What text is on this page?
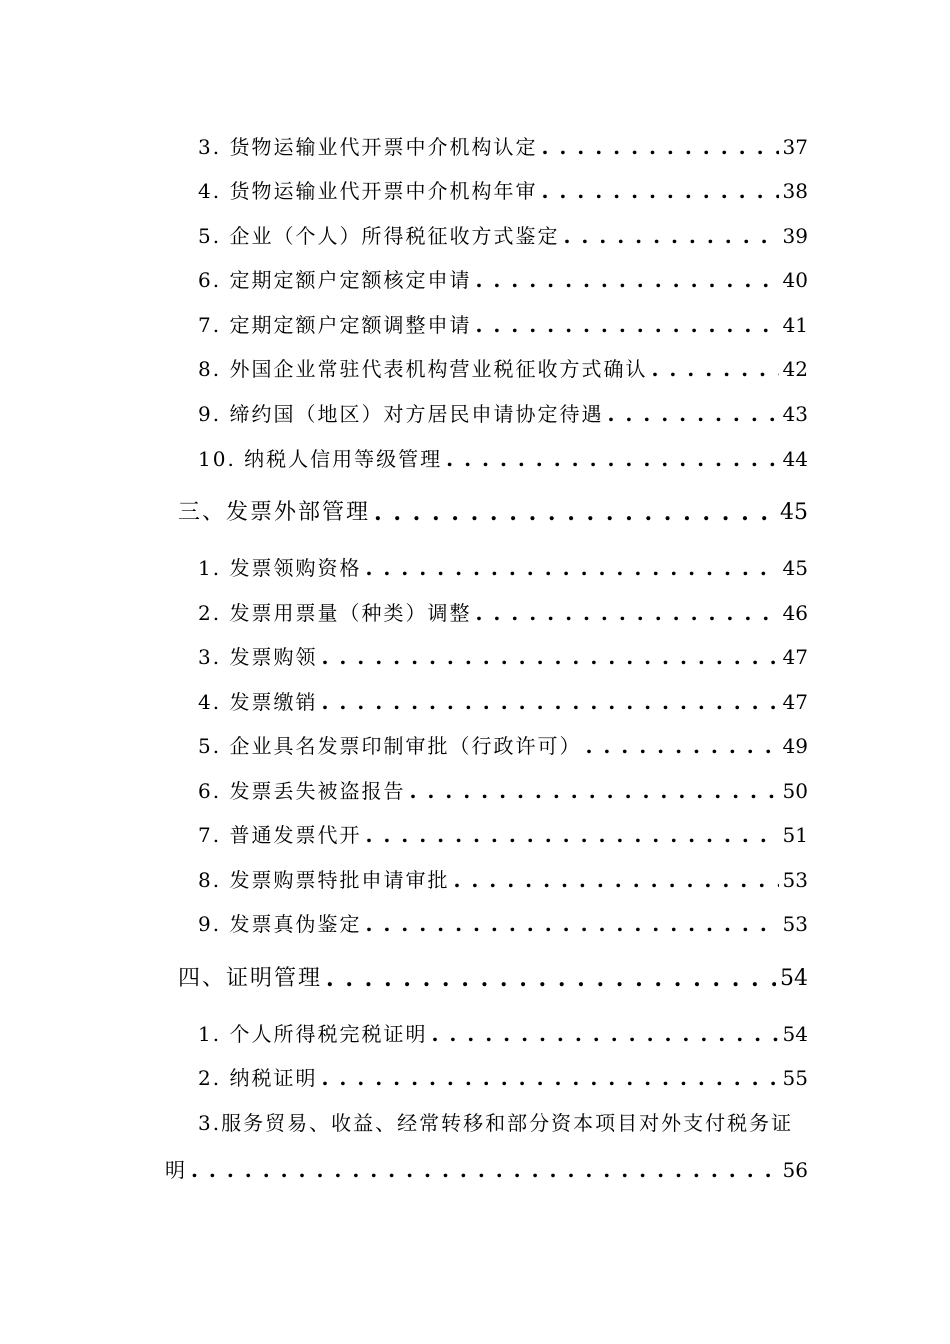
3. 货物运输业代开票中介机构认定 . . .	37
4. 货物运输业代开票中介机构年审 . . .	38
5. 企业（个人）所得税征收方式鉴定 . . .	39
6. 定期定额户定额核定申请 . . .	40
7. 定期定额户定额调整申请 . . .	41
8. 外国企业常驻代表机构营业税征收方式确认 . . .	42
9. 缔约国（地区）对方居民申请协定待遇 . . .	43
10. 纳税人信用等级管理 . . .	44
三、发票外部管理 . . .	45
1. 发票领购资格 . . .	45
2. 发票用票量（种类）调整 . . .	46
3. 发票购领 . . .	47
4. 发票缴销 . . .	47
5. 企业具名发票印制审批（行政许可） . . .	49
6. 发票丢失被盗报告 . . .	50
7. 普通发票代开 . . .	51
8. 发票购票特批申请审批 . . .	53
9. 发票真伪鉴定 . . .	53
四、证明管理 . . .	54
1. 个人所得税完税证明 . . .	54
2. 纳税证明 . . .	55
3.服务贸易、收益、经常转移和部分资本项目对外支付税务证
明 . . .	56
